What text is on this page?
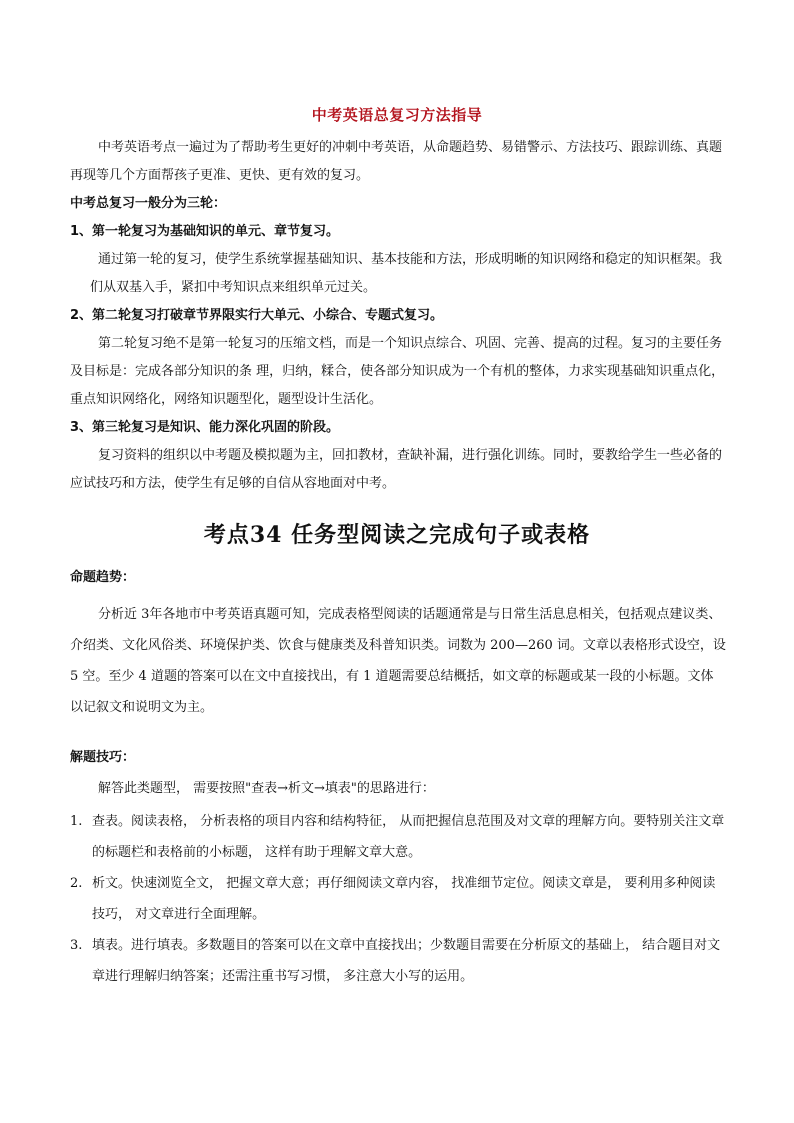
中考英语总复习方法指导

中考英语考点一遍过为了帮助考生更好的冲刺中考英语，从命题趋势、易错警示、方法技巧、跟踪训练、真题再现等几个方面帮孩子更准、更快、更有效的复习。

中考总复习一般分为三轮：

1、第一轮复习为基础知识的单元、章节复习。

通过第一轮的复习，使学生系统掌握基础知识、基本技能和方法，形成明晰的知识网络和稳定的知识框架。我们从双基入手，紧扣中考知识点来组织单元过关。

2、第二轮复习打破章节界限实行大单元、小综合、专题式复习。

第二轮复习绝不是第一轮复习的压缩文档，而是一个知识点综合、巩固、完善、提高的过程。复习的主要任务及目标是：完成各部分知识的条 理，归纳，糅合，使各部分知识成为一个有机的整体，力求实现基础知识重点化，重点知识网络化，网络知识题型化，题型设计生活化。

3、第三轮复习是知识、能力深化巩固的阶段。

复习资料的组织以中考题及模拟题为主，回扣教材，查缺补漏，进行强化训练。同时，要教给学生一些必备的应试技巧和方法，使学生有足够的自信从容地面对中考。

考点34 任务型阅读之完成句子或表格

命题趋势：

分析近 3年各地市中考英语真题可知，完成表格型阅读的话题通常是与日常生活息息相关，包括观点建议类、介绍类、文化风俗类、环境保护类、饮食与健康类及科普知识类。词数为 200—260 词。文章以表格形式设空，设 5 空。至少 4 道题的答案可以在文中直接找出，有 1 道题需要总结概括，如文章的标题或某一段的小标题。文体以记叙文和说明文为主。

解题技巧：

解答此类题型， 需要按照"查表→析文→填表"的思路进行：

1. 查表。阅读表格， 分析表格的项目内容和结构特征， 从而把握信息范围及对文章的理解方向。要特别关注文章的标题栏和表格前的小标题， 这样有助于理解文章大意。

2. 析文。快速浏览全文， 把握文章大意；再仔细阅读文章内容， 找准细节定位。阅读文章是， 要利用多种阅读技巧， 对文章进行全面理解。

3. 填表。进行填表。多数题目的答案可以在文章中直接找出；少数题目需要在分析原文的基础上， 结合题目对文章进行理解归纳答案；还需注重书写习惯， 多注意大小写的运用。
